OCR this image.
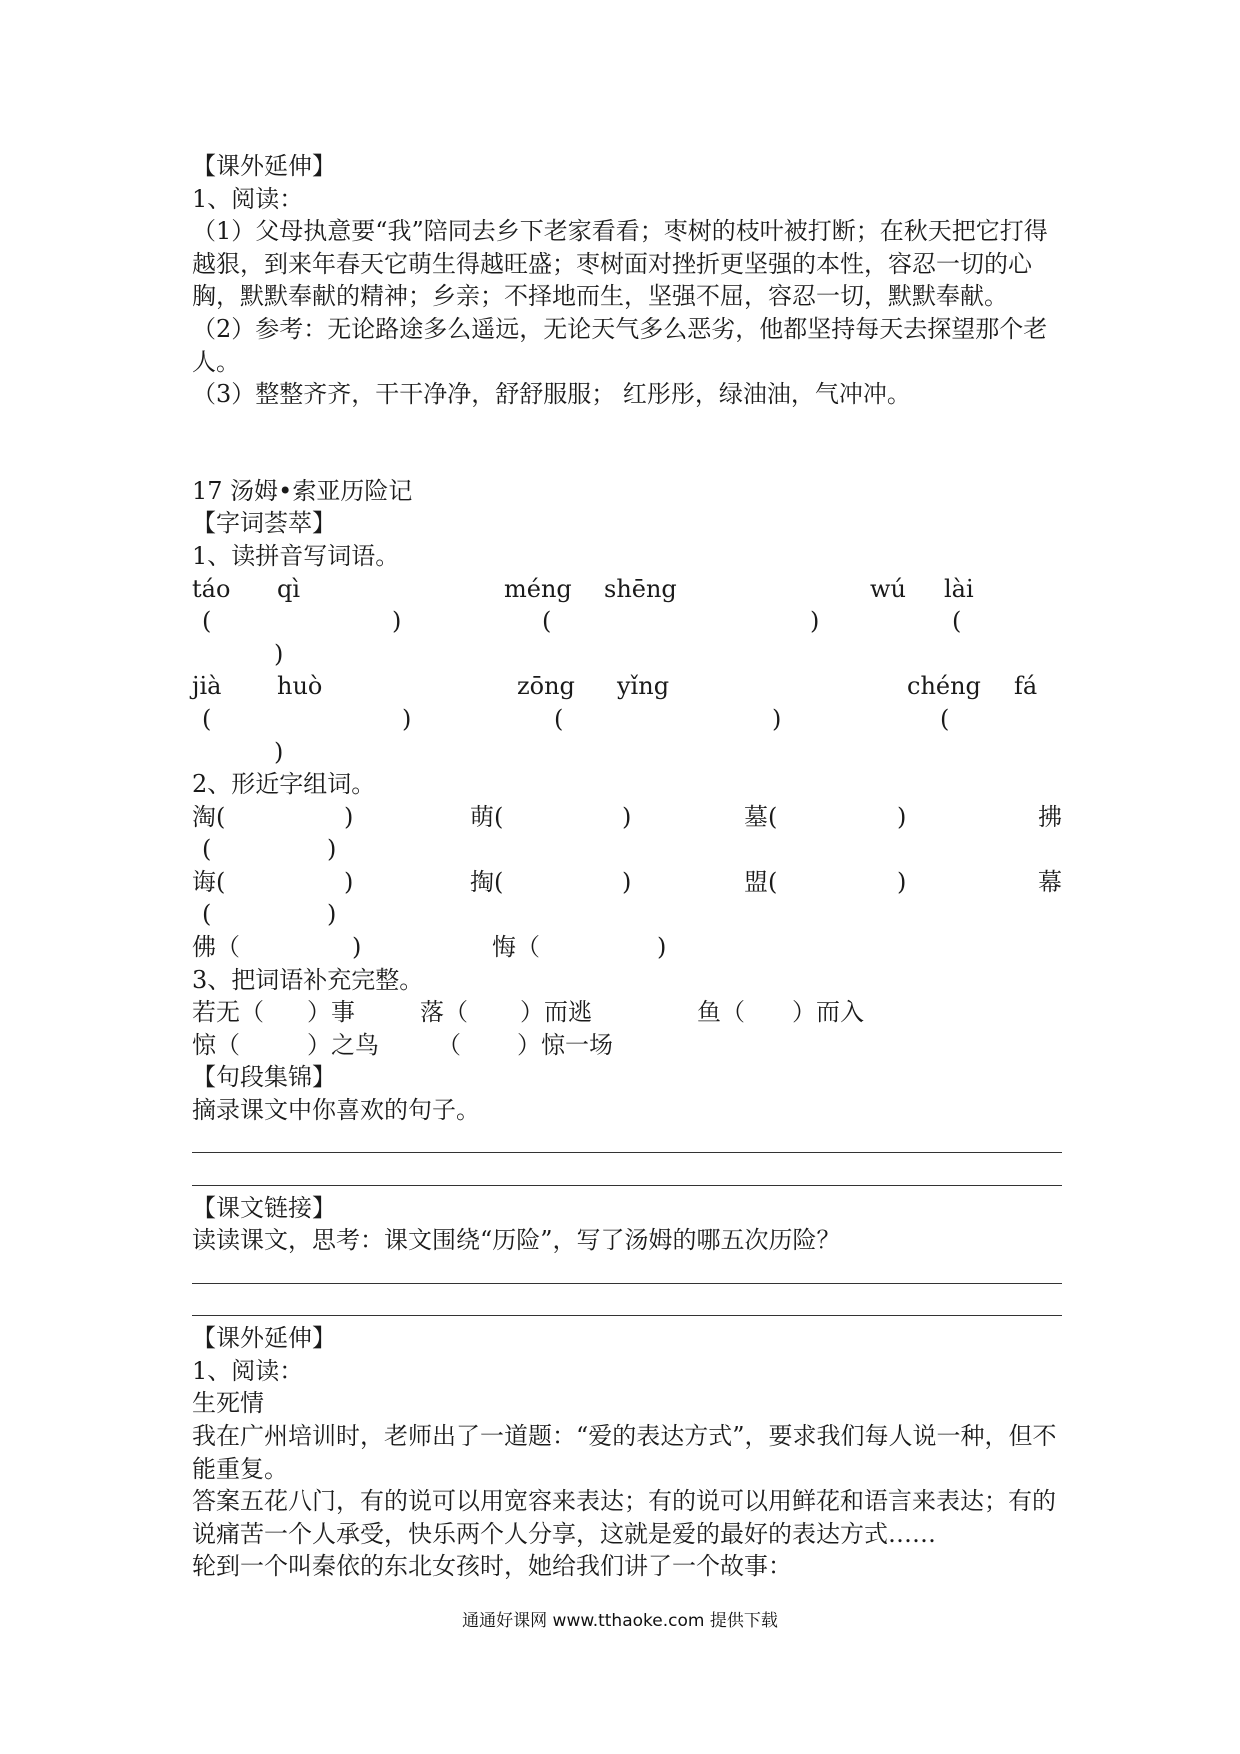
【课外延伸】
1、阅读：
（1）父母执意要“我”陪同去乡下老家看看；枣树的枝叶被打断；在秋天把它打得越狠，到来年春天它萌生得越旺盛；枣树面对挫折更坚强的本性，容忍一切的心胸，默默奉献的精神；乡亲；不择地而生，坚强不屈，容忍一切，默默奉献。
（2）参考：无论路途多么遥远，无论天气多么恶劣，他都坚持每天去探望那个老人。
（3）整整齐齐，干干净净，舒舒服服； 红彤彤，绿油油，气冲冲。
17 汤姆•索亚历险记
【字词荟萃】
1、读拼音写词语。
táo qì	méng shēng	wú lài
(	)	(	)	(
)
jià huò	zōng yǐng	chéng fá
(	)	(	)	(
)
2、形近字组词。
淘(	)	萌(	)	墓(	)	拂
(	)
诲(	)	掏(	)	盟(	)	幕
(	)
佛（	)	悔（	)
3、把词语补充完整。
若无（ ）事	落（ ）而逃	鱼（ ）而入
惊（	）之鸟 （ ）惊一场
【句段集锦】
摘录课文中你喜欢的句子。
【课文链接】
读读课文，思考：课文围绕“历险”，写了汤姆的哪五次历险？
【课外延伸】
1、阅读：
生死情
我在广州培训时，老师出了一道题：“爱的表达方式”，要求我们每人说一种，但不能重复。
答案五花八门，有的说可以用宽容来表达；有的说可以用鲜花和语言来表达；有的说痛苦一个人承受，快乐两个人分享，这就是爱的最好的表达方式……
轮到一个叫秦依的东北女孩时，她给我们讲了一个故事：
通通好课网 www.tthaoke.com 提供下载
